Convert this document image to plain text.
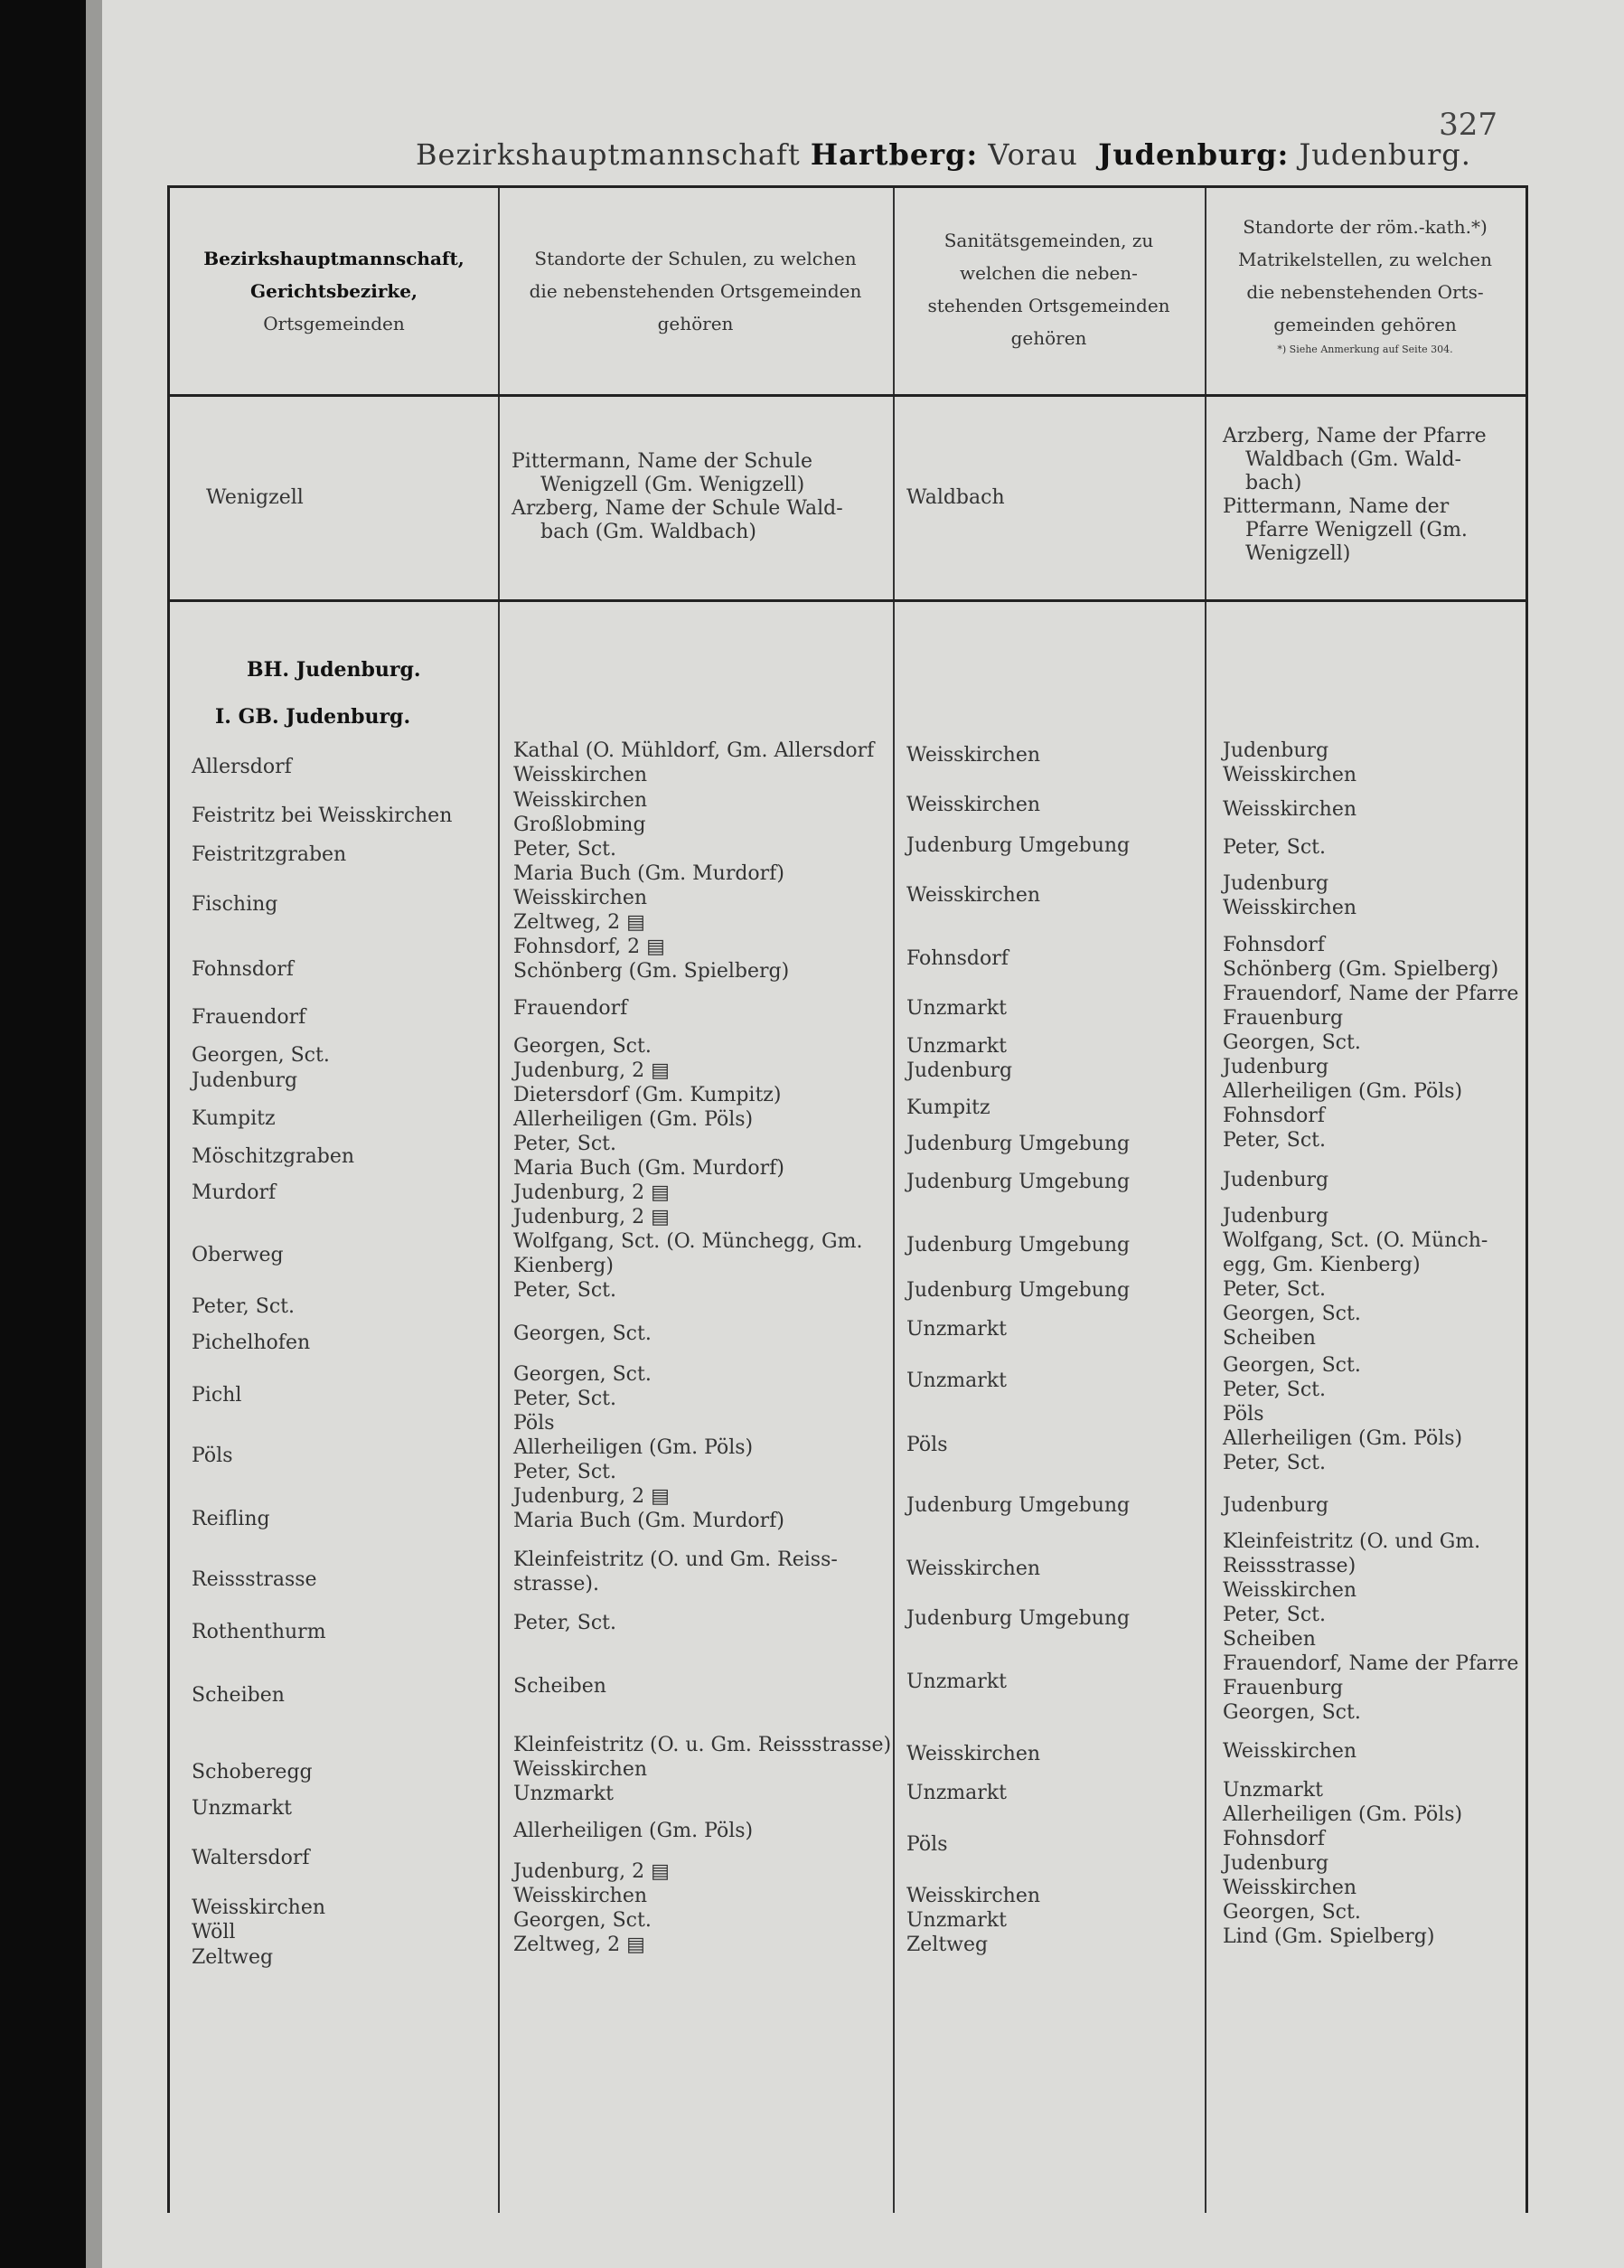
327
Bezirkshauptmannschaft Hartberg: Vorau Judenburg: Judenburg.
Bezirkshauptmannschaft,
Gerichtsbezirke,
Ortsgemeinden
Standorte der Schulen, zu welchen
die nebenstehenden Ortsgemeinden
gehören
Sanitätsgemeinden, zu
welchen die neben-
stehenden Ortsgemeinden
gehören
Standorte der röm.-kath.*)
Matrikelstellen, zu welchen
die nebenstehenden Orts-
gemeinden gehören
*) Siehe Anmerkung auf Seite 304.
Wenigzell
Pittermann, Name der Schule
Wenigzell (Gm. Wenigzell)
Arzberg, Name der Schule Wald-
bach (Gm. Waldbach)
Waldbach
Arzberg, Name der Pfarre
Waldbach (Gm. Wald-
bach)
Pittermann, Name der
Pfarre Wenigzell (Gm.
Wenigzell)
BH. Judenburg.
I. GB. Judenburg.
Allersdorf
Feistritz bei Weisskirchen
Feistritzgraben
Fisching
Fohnsdorf
Frauendorf
Georgen, Sct.
Judenburg
Kumpitz
Möschitzgraben
Murdorf
Oberweg
Peter, Sct.
Pichelhofen
Pichl
Pöls
Reifling
Reissstrasse
Rothenthurm
Scheiben
Schoberegg
Unzmarkt
Waltersdorf
Weisskirchen
Wöll
Zeltweg
Kathal (O. Mühldorf, Gm. Allersdorf
Weisskirchen
Weisskirchen
Großlobming
Peter, Sct.
Maria Buch (Gm. Murdorf)
Weisskirchen
Zeltweg, 2 ▤
Fohnsdorf, 2 ▤
Schönberg (Gm. Spielberg)
Frauendorf
Georgen, Sct.
Judenburg, 2 ▤
Dietersdorf (Gm. Kumpitz)
Allerheiligen (Gm. Pöls)
Peter, Sct.
Maria Buch (Gm. Murdorf)
Judenburg, 2 ▤
Judenburg, 2 ▤
Wolfgang, Sct. (O. Münchegg, Gm.
Kienberg)
Peter, Sct.
Georgen, Sct.
Georgen, Sct.
Peter, Sct.
Pöls
Allerheiligen (Gm. Pöls)
Peter, Sct.
Judenburg, 2 ▤
Maria Buch (Gm. Murdorf)
Kleinfeistritz (O. und Gm. Reiss-
strasse).
Peter, Sct.
Scheiben
Kleinfeistritz (O. u. Gm. Reissstrasse)
Weisskirchen
Unzmarkt
Allerheiligen (Gm. Pöls)
Judenburg, 2 ▤
Weisskirchen
Georgen, Sct.
Zeltweg, 2 ▤
Weisskirchen
Weisskirchen
Judenburg Umgebung
Weisskirchen
Fohnsdorf
Unzmarkt
Unzmarkt
Judenburg
Kumpitz
Judenburg Umgebung
Judenburg Umgebung
Judenburg Umgebung
Judenburg Umgebung
Unzmarkt
Unzmarkt
Pöls
Judenburg Umgebung
Weisskirchen
Judenburg Umgebung
Unzmarkt
Weisskirchen
Unzmarkt
Pöls
Weisskirchen
Unzmarkt
Zeltweg
Judenburg
Weisskirchen
Weisskirchen
Peter, Sct.
Judenburg
Weisskirchen
Fohnsdorf
Schönberg (Gm. Spielberg)
Frauendorf, Name der Pfarre
Frauenburg
Georgen, Sct.
Judenburg
Allerheiligen (Gm. Pöls)
Fohnsdorf
Peter, Sct.
Judenburg
Judenburg
Wolfgang, Sct. (O. Münch-
egg, Gm. Kienberg)
Peter, Sct.
Georgen, Sct.
Scheiben
Georgen, Sct.
Peter, Sct.
Pöls
Allerheiligen (Gm. Pöls)
Peter, Sct.
Judenburg
Kleinfeistritz (O. und Gm.
Reissstrasse)
Weisskirchen
Peter, Sct.
Scheiben
Frauendorf, Name der Pfarre
Frauenburg
Georgen, Sct.
Weisskirchen
Unzmarkt
Allerheiligen (Gm. Pöls)
Fohnsdorf
Judenburg
Weisskirchen
Georgen, Sct.
Lind (Gm. Spielberg)
